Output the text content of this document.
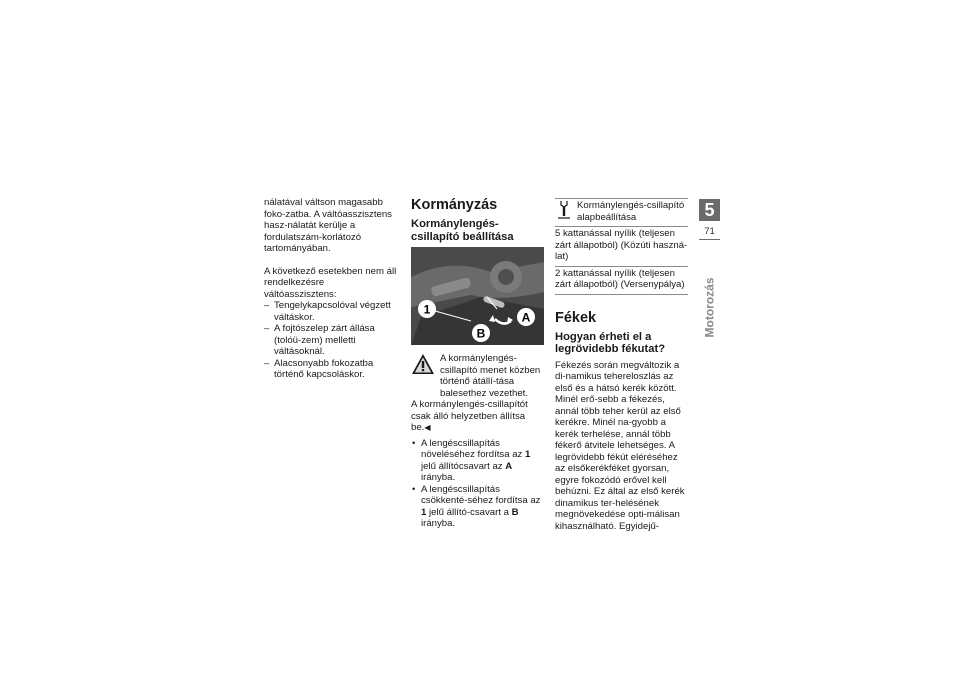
nálatával váltson magasabb foko-zatba. A váltóasszisztens hasz-nálatát kerülje a fordulatszám-korlátozó tartományában.

A következő esetekben nem áll rendelkezésre váltóasszisztens:

– Tengelykapcsolóval végzett váltáskor.
– A fojtószelep zárt állása (tolóü-zem) melletti váltásoknál.
– Alacsonyabb fokozatba történő kapcsoláskor.
Kormányzás
Kormánylengés-csillapító beállítása
1
A
B

A kormánylengés-csillapító menet közben történő átállí-tása balesethez vezethet.

A kormánylengés-csillapítót csak álló helyzetben állítsa be.◀

• A lengéscsillapítás növeléséhez fordítsa az 1 jelű állítócsavart az A irányba.
• A lengéscsillapítás csökkenté-séhez fordítsa az 1 jelű állító-csavart a B irányba.
Kormánylengés-csillapító alapbeállítása

5 kattanással nyílik (teljesen zárt állapotból) (Közúti haszná-lat)
2 kattanással nyílik (teljesen zárt állapotból) (Versenypálya)
Fékek
Hogyan érheti el a legrövidebb fékutat?

Fékezés során megváltozik a di-namikus tehereloszlás az első és a hátsó kerék között. Minél erő-sebb a fékezés, annál több teher kerül az első kerékre. Minél na-gyobb a kerék terhelése, annál több fékerő átvitele lehetséges. A legrövidebb fékút eléréséhez az elsőkerékféket gyorsan, egyre fokozódó erővel kell behúzni. Ez által az első kerék dinamikus ter-helésének megnövekedése opti-málisan kihasználható. Egyidejű-

5
71
Motorozás
